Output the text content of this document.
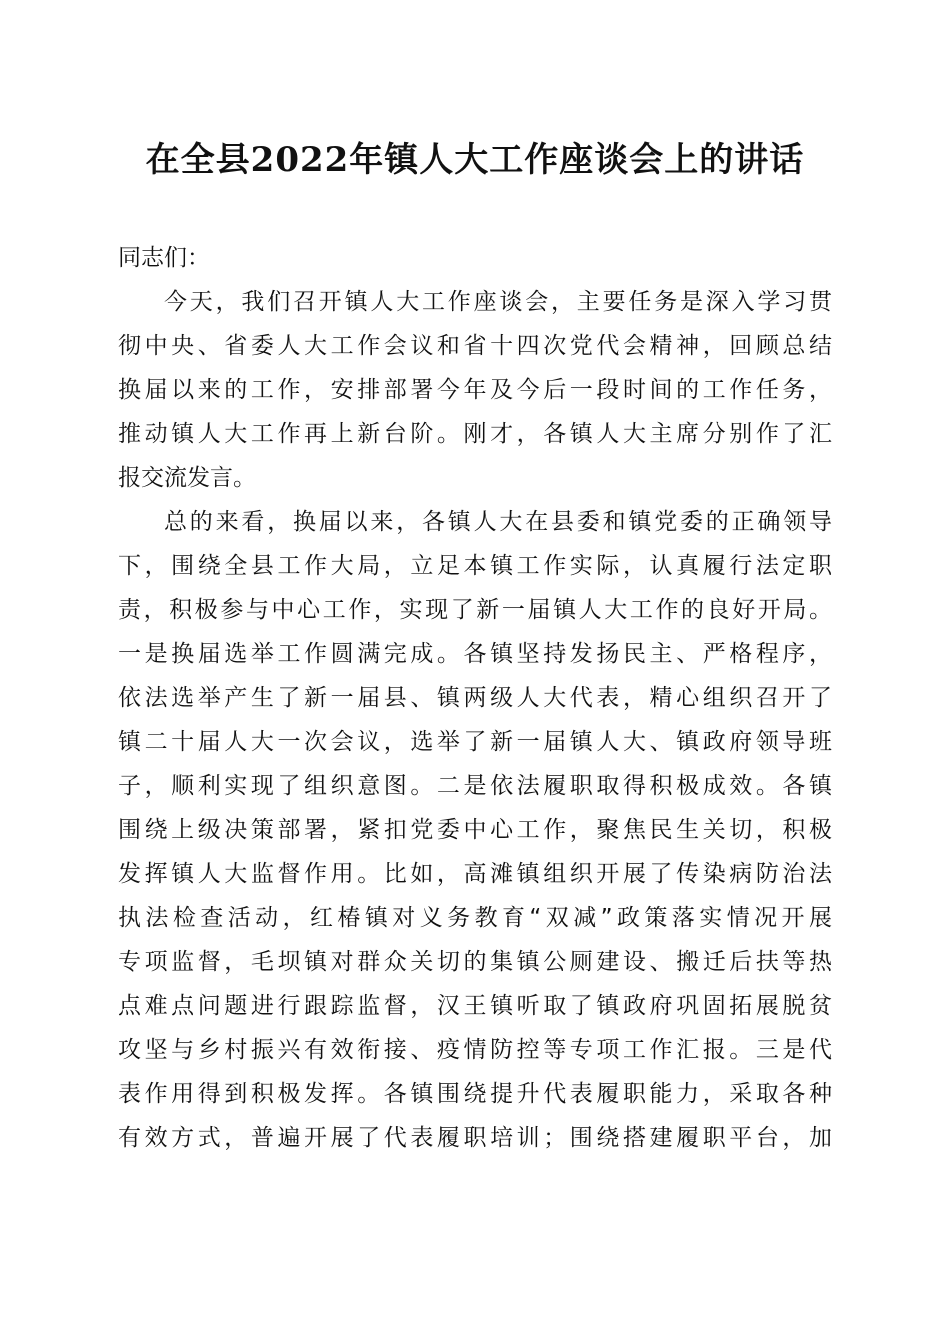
在全县2022年镇人大工作座谈会上的讲话

同志们：

今天，我们召开镇人大工作座谈会，主要任务是深入学习贯

彻中央、省委人大工作会议和省十四次党代会精神，回顾总结

换届以来的工作，安排部署今年及今后一段时间的工作任务，

推动镇人大工作再上新台阶。刚才，各镇人大主席分别作了汇

报交流发言。

总的来看，换届以来，各镇人大在县委和镇党委的正确领导

下，围绕全县工作大局，立足本镇工作实际，认真履行法定职

责，积极参与中心工作，实现了新一届镇人大工作的良好开局。

一是换届选举工作圆满完成。各镇坚持发扬民主、严格程序，

依法选举产生了新一届县、镇两级人大代表，精心组织召开了

镇二十届人大一次会议，选举了新一届镇人大、镇政府领导班

子，顺利实现了组织意图。二是依法履职取得积极成效。各镇

围绕上级决策部署，紧扣党委中心工作，聚焦民生关切，积极

发挥镇人大监督作用。比如，高滩镇组织开展了传染病防治法

执法检查活动，红椿镇对义务教育“双减”政策落实情况开展

专项监督，毛坝镇对群众关切的集镇公厕建设、搬迁后扶等热

点难点问题进行跟踪监督，汉王镇听取了镇政府巩固拓展脱贫

攻坚与乡村振兴有效衔接、疫情防控等专项工作汇报。三是代

表作用得到积极发挥。各镇围绕提升代表履职能力，采取各种

有效方式，普遍开展了代表履职培训；围绕搭建履职平台，加
